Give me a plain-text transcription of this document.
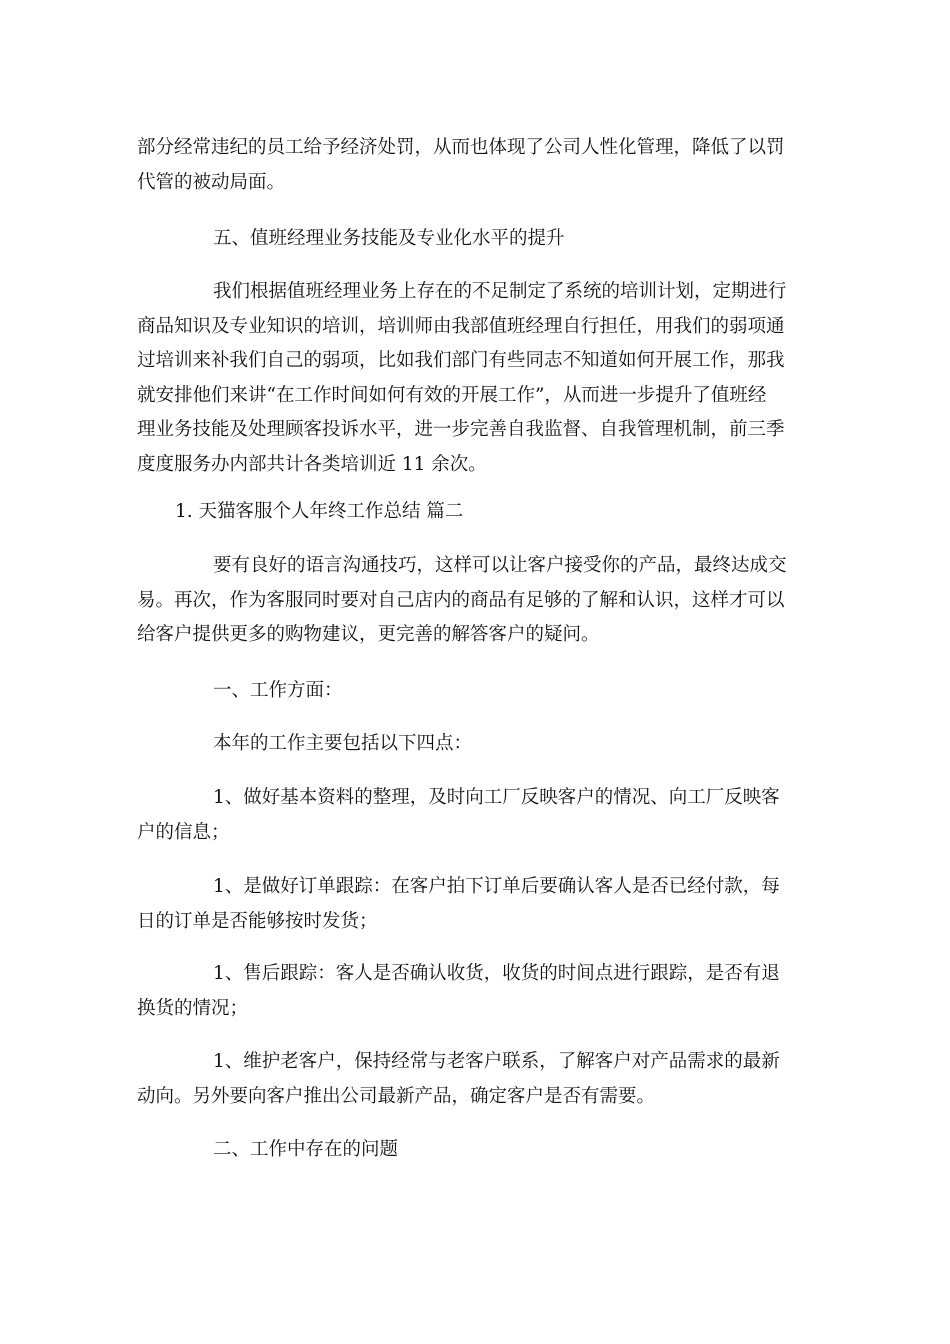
部分经常违纪的员工给予经济处罚，从而也体现了公司人性化管理，降低了以罚
代管的被动局面。

五、值班经理业务技能及专业化水平的提升

我们根据值班经理业务上存在的不足制定了系统的培训计划，定期进行
商品知识及专业知识的培训，培训师由我部值班经理自行担任，用我们的弱项通
过培训来补我们自己的弱项，比如我们部门有些同志不知道如何开展工作，那我
就安排他们来讲“在工作时间如何有效的开展工作”，从而进一步提升了值班经
理业务技能及处理顾客投诉水平，进一步完善自我监督、自我管理机制，前三季
度度服务办内部共计各类培训近 11 余次。

1. 天猫客服个人年终工作总结 篇二

要有良好的语言沟通技巧，这样可以让客户接受你的产品，最终达成交
易。再次，作为客服同时要对自己店内的商品有足够的了解和认识，这样才可以
给客户提供更多的购物建议，更完善的解答客户的疑问。

一、工作方面：

本年的工作主要包括以下四点：

1、做好基本资料的整理，及时向工厂反映客户的情况、向工厂反映客
户的信息；

1、是做好订单跟踪：在客户拍下订单后要确认客人是否已经付款，每
日的订单是否能够按时发货；

1、售后跟踪：客人是否确认收货，收货的时间点进行跟踪，是否有退
换货的情况；

1、维护老客户，保持经常与老客户联系，了解客户对产品需求的最新
动向。另外要向客户推出公司最新产品，确定客户是否有需要。

二、工作中存在的问题
